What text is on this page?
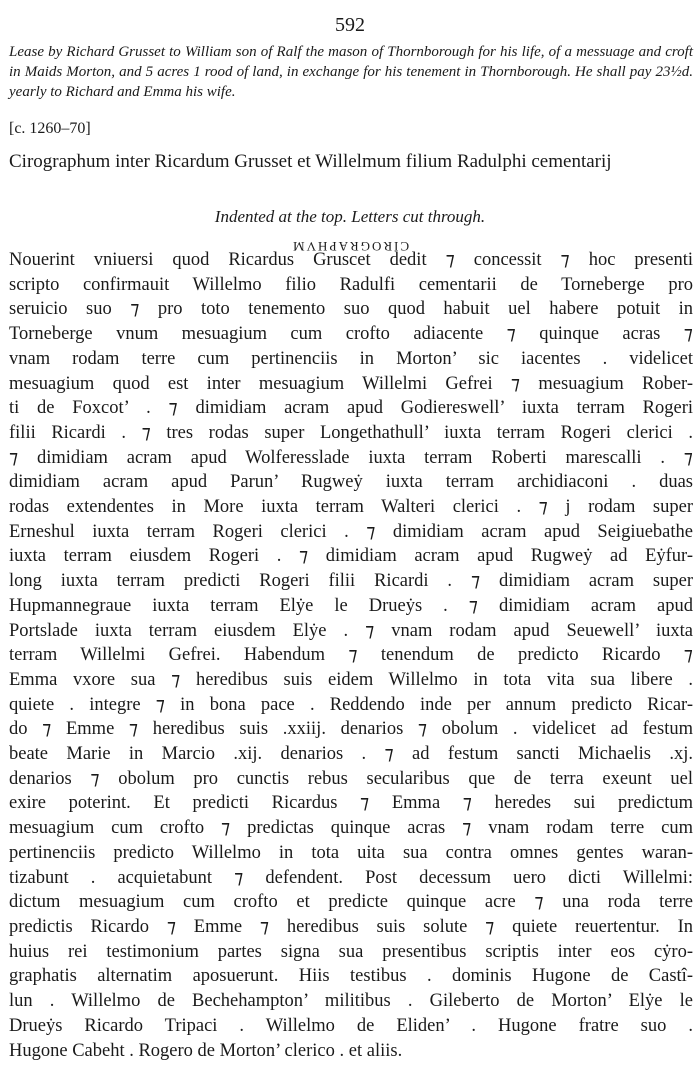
592

Lease by Richard Grusset to William son of Ralf the mason of Thornborough for his life, of a messuage and croft in Maids Morton, and 5 acres 1 rood of land, in exchange for his tenement in Thornborough. He shall pay 23½d. yearly to Richard and Emma his wife.

[c. 1260–70]

Cirographum inter Ricardum Grusset et Willelmum filium Radulphi cementarij

Indented at the top. Letters cut through.

CIROGRAPHVM
Nouerint vniuersi quod Ricardus Gruscet dedit ⁊ concessit ⁊ hoc presenti
scripto confirmauit Willelmo filio Radulfi cementarii de Torneberge pro
seruicio suo ⁊ pro toto tenemento suo quod habuit uel habere potuit in
Torneberge vnum mesuagium cum crofto adiacente ⁊ quinque acras ⁊
vnam rodam terre cum pertinenciis in Morton’ sic iacentes . videlicet
mesuagium quod est inter mesuagium Willelmi Gefrei ⁊ mesuagium Rober-
ti de Foxcot’ . ⁊ dimidiam acram apud Godiereswell’ iuxta terram Rogeri
filii Ricardi . ⁊ tres rodas super Longethathull’ iuxta terram Rogeri clerici .
⁊ dimidiam acram apud Wolferesslade iuxta terram Roberti marescalli . ⁊
dimidiam acram apud Parun’ Rugweẏ iuxta terram archidiaconi . duas
rodas extendentes in More iuxta terram Walteri clerici . ⁊ j rodam super
Erneshul iuxta terram Rogeri clerici . ⁊ dimidiam acram apud Seigiuebathe
iuxta terram eiusdem Rogeri . ⁊ dimidiam acram apud Rugweẏ ad Eẏfur-
long iuxta terram predicti Rogeri filii Ricardi . ⁊ dimidiam acram super
Hupmannegraue iuxta terram Elẏe le Drueẏs . ⁊ dimidiam acram apud
Portslade iuxta terram eiusdem Elẏe . ⁊ vnam rodam apud Seuewell’ iuxta
terram Willelmi Gefrei. Habendum ⁊ tenendum de predicto Ricardo ⁊
Emma vxore sua ⁊ heredibus suis eidem Willelmo in tota vita sua libere .
quiete . integre ⁊ in bona pace . Reddendo inde per annum predicto Ricar-
do ⁊ Emme ⁊ heredibus suis .xxiij. denarios ⁊ obolum . videlicet ad festum
beate Marie in Marcio .xij. denarios . ⁊ ad festum sancti Michaelis .xj.
denarios ⁊ obolum pro cunctis rebus secularibus que de terra exeunt uel
exire poterint. Et predicti Ricardus ⁊ Emma ⁊ heredes sui predictum
mesuagium cum crofto ⁊ predictas quinque acras ⁊ vnam rodam terre cum
pertinenciis predicto Willelmo in tota uita sua contra omnes gentes waran-
tizabunt . acquietabunt ⁊ defendent. Post decessum uero dicti Willelmi:
dictum mesuagium cum crofto et predicte quinque acre ⁊ una roda terre
predictis Ricardo ⁊ Emme ⁊ heredibus suis solute ⁊ quiete reuertentur. In
huius rei testimonium partes signa sua presentibus scriptis inter eos cẏro-
graphatis alternatim aposuerunt. Hiis testibus . dominis Hugone de Castî-
lun . Willelmo de Bechehampton’ militibus . Gileberto de Morton’ Elẏe le
Drueẏs Ricardo Tripaci . Willelmo de Eliden’ . Hugone fratre suo .
Hugone Cabeht . Rogero de Morton’ clerico . et aliis.
